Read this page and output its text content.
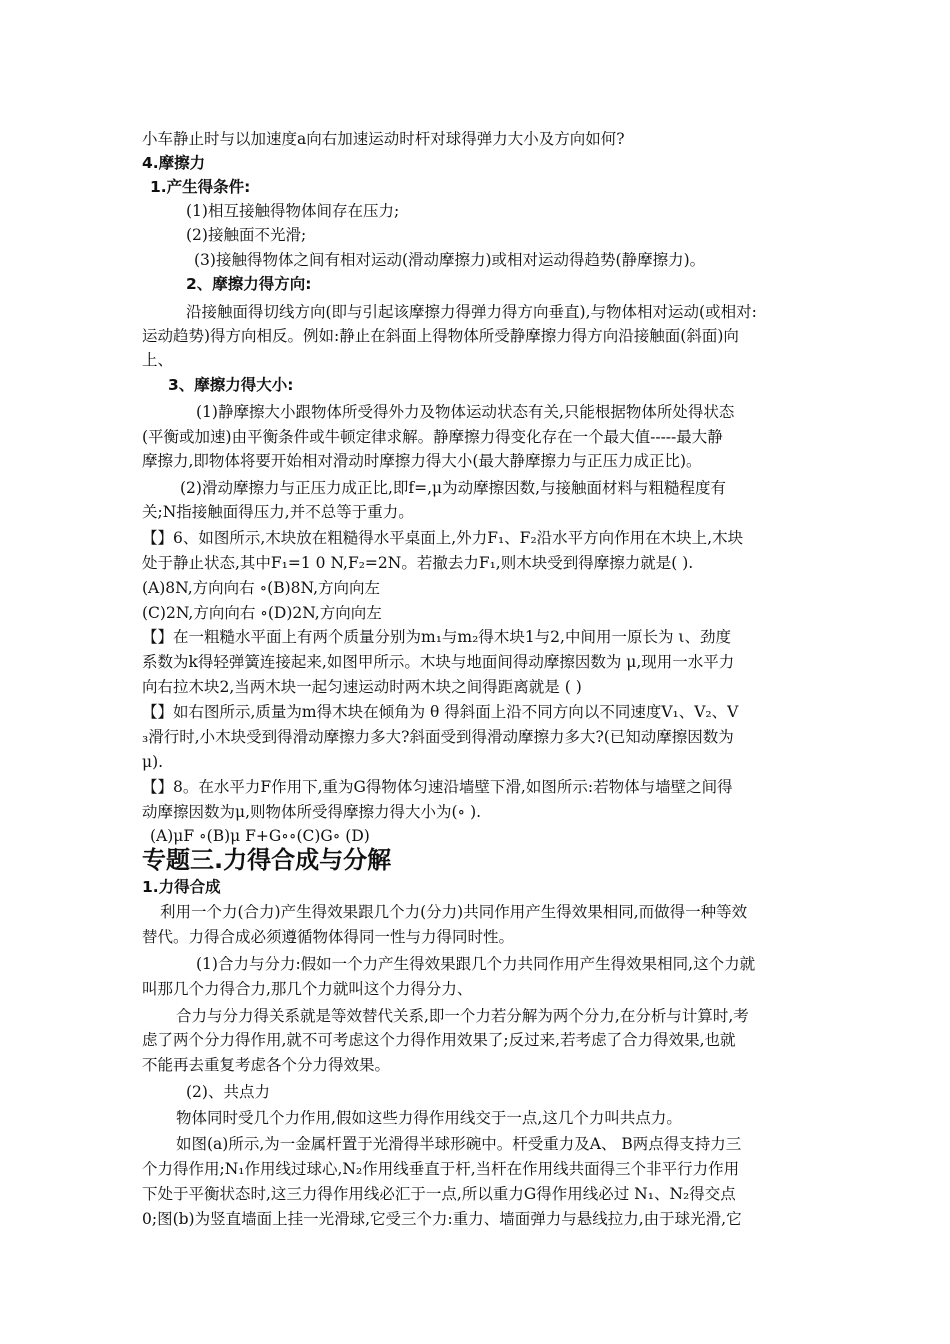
小车静止时与以加速度a向右加速运动时杆对球得弹力大小及方向如何?
4.摩擦力
1.产生得条件:
(1)相互接触得物体间存在压力;
(2)接触面不光滑;
(3)接触得物体之间有相对运动(滑动摩擦力)或相对运动得趋势(静摩擦力)。
2、摩擦力得方向:
沿接触面得切线方向(即与引起该摩擦力得弹力得方向垂直),与物体相对运动(或相对:
运动趋势)得方向相反。例如:静止在斜面上得物体所受静摩擦力得方向沿接触面(斜面)向
上、
3、摩擦力得大小:
(1)静摩擦大小跟物体所受得外力及物体运动状态有关,只能根据物体所处得状态
(平衡或加速)由平衡条件或牛顿定律求解。静摩擦力得变化存在一个最大值-----最大静
摩擦力,即物体将要开始相对滑动时摩擦力得大小(最大静摩擦力与正压力成正比)。
(2)滑动摩擦力与正压力成正比,即f=,μ为动摩擦因数,与接触面材料与粗糙程度有
关;N指接触面得压力,并不总等于重力。
【】6、如图所示,木块放在粗糙得水平桌面上,外力F₁、F₂沿水平方向作用在木块上,木块
处于静止状态,其中F₁=1 0 N,F₂=2N。若撤去力F₁,则木块受到得摩擦力就是( ).
(A)8N,方向向右 ∘(B)8N,方向向左
(C)2N,方向向右 ∘(D)2N,方向向左
【】在一粗糙水平面上有两个质量分别为m₁与m₂得木块1与2,中间用一原长为 ι、劲度
系数为k得轻弹簧连接起来,如图甲所示。木块与地面间得动摩擦因数为 μ,现用一水平力
向右拉木块2,当两木块一起匀速运动时两木块之间得距离就是 ( )
【】如右图所示,质量为m得木块在倾角为 θ 得斜面上沿不同方向以不同速度V₁、V₂、V
₃滑行时,小木块受到得滑动摩擦力多大?斜面受到得滑动摩擦力多大?(已知动摩擦因数为
μ).
【】8。在水平力F作用下,重为G得物体匀速沿墙壁下滑,如图所示:若物体与墙壁之间得
动摩擦因数为μ,则物体所受得摩擦力得大小为(∘ ).
(A)μF ∘(B)μ F+G∘∘(C)G∘ (D)
专题三.力得合成与分解
1.力得合成
利用一个力(合力)产生得效果跟几个力(分力)共同作用产生得效果相同,而做得一种等效
替代。力得合成必须遵循物体得同一性与力得同时性。
(1)合力与分力:假如一个力产生得效果跟几个力共同作用产生得效果相同,这个力就
叫那几个力得合力,那几个力就叫这个力得分力、
合力与分力得关系就是等效替代关系,即一个力若分解为两个分力,在分析与计算时,考
虑了两个分力得作用,就不可考虑这个力得作用效果了;反过来,若考虑了合力得效果,也就
不能再去重复考虑各个分力得效果。
(2)、共点力
物体同时受几个力作用,假如这些力得作用线交于一点,这几个力叫共点力。
如图(a)所示,为一金属杆置于光滑得半球形碗中。杆受重力及A、 B两点得支持力三
个力得作用;N₁作用线过球心,N₂作用线垂直于杆,当杆在作用线共面得三个非平行力作用
下处于平衡状态时,这三力得作用线必汇于一点,所以重力G得作用线必过 N₁、N₂得交点
0;图(b)为竖直墙面上挂一光滑球,它受三个力:重力、墙面弹力与悬线拉力,由于球光滑,它
